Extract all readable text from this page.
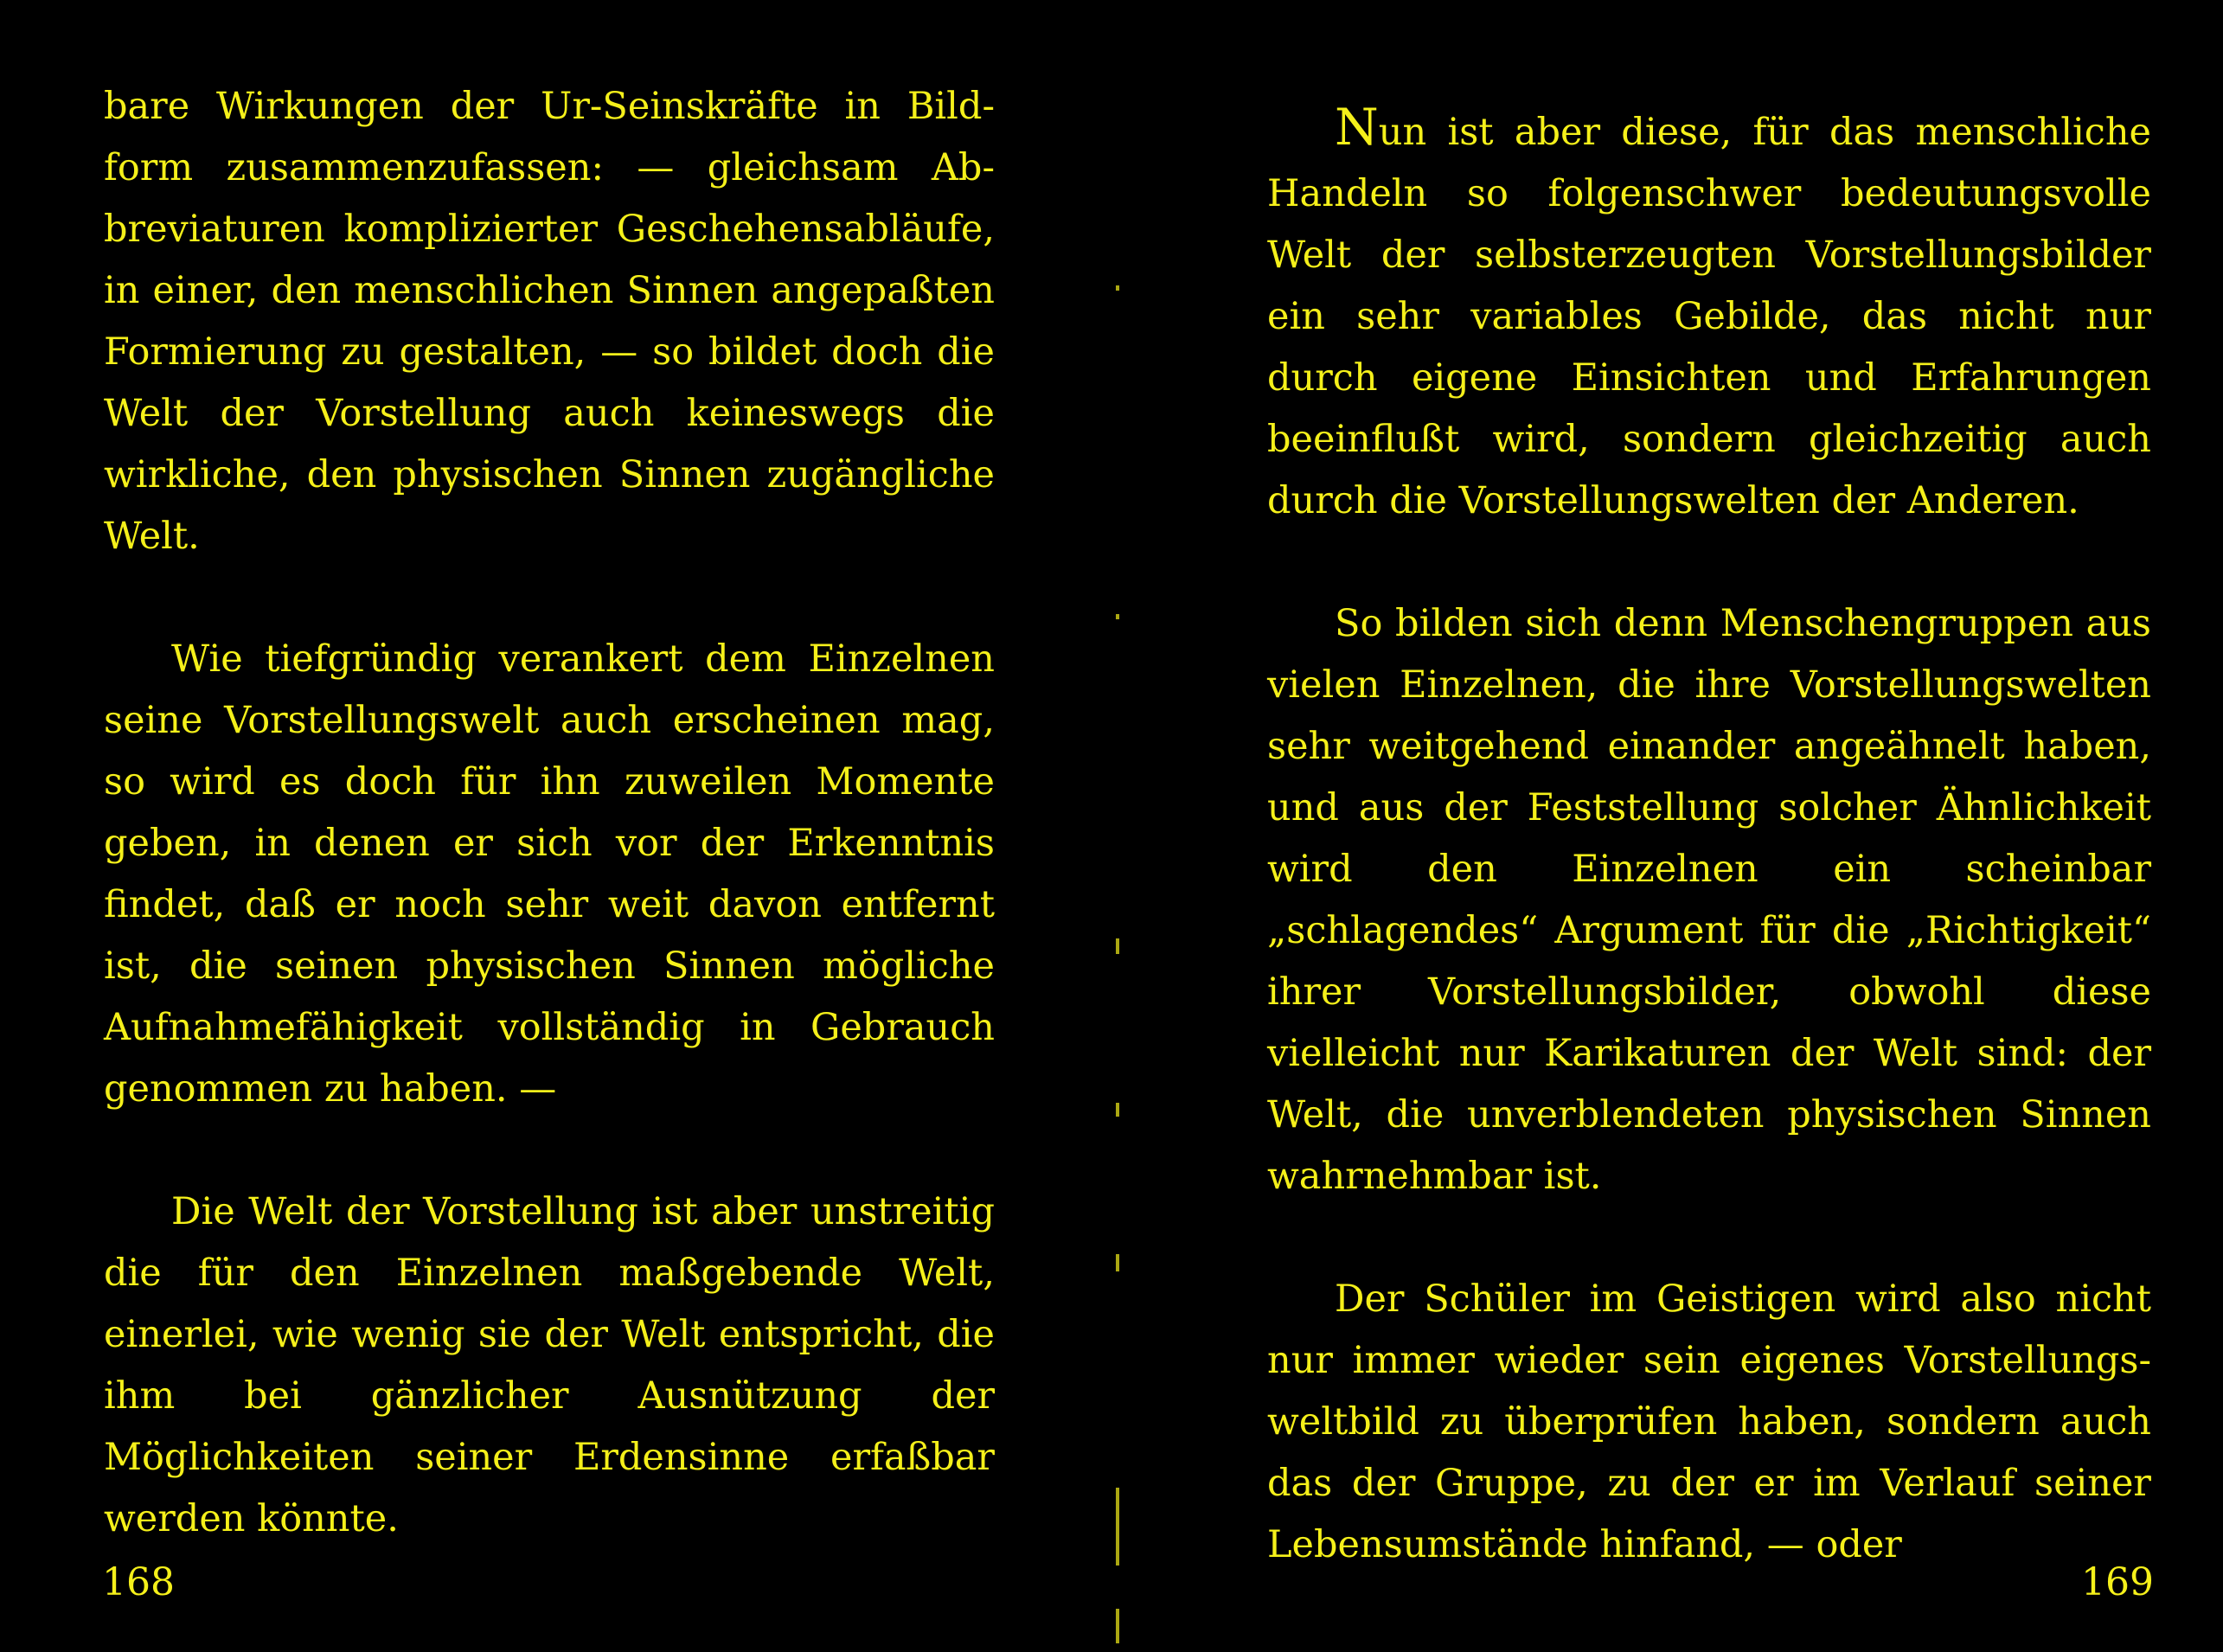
bare Wirkungen der Ur-Seinskräfte in Bildform zusammenzufassen: — gleichsam Abbreviaturen komplizierter Geschehensabläufe, in einer, den menschlichen Sinnen angepaßten Formierung zu gestalten, — so bildet doch die Welt der Vorstellung auch keineswegs die wirkliche, den physischen Sinnen zugängliche Welt.

Wie tiefgründig verankert dem Einzelnen seine Vorstellungswelt auch erscheinen mag, so wird es doch für ihn zuweilen Momente geben, in denen er sich vor der Erkenntnis findet, daß er noch sehr weit davon entfernt ist, die seinen physischen Sinnen mögliche Aufnahmefähigkeit vollständig in Gebrauch genommen zu haben. —

Die Welt der Vorstellung ist aber unstreitig die für den Einzelnen maßgebende Welt, einerlei, wie wenig sie der Welt entspricht, die ihm bei gänzlicher Ausnützung der Möglichkeiten seiner Erdensinne erfaßbar werden könnte.

168

Nun ist aber diese, für das menschliche Handeln so folgenschwer bedeutungsvolle Welt der selbsterzeugten Vorstellungsbilder ein sehr variables Gebilde, das nicht nur durch eigene Einsichten und Erfahrungen beeinflußt wird, sondern gleichzeitig auch durch die Vorstellungswelten der Anderen.

So bilden sich denn Menschengruppen aus vielen Einzelnen, die ihre Vorstellungswelten sehr weitgehend einander angeähnelt haben, und aus der Feststellung solcher Ähnlichkeit wird den Einzelnen ein scheinbar „schlagendes“ Argument für die „Richtigkeit“ ihrer Vorstellungsbilder, obwohl diese vielleicht nur Karikaturen der Welt sind: der Welt, die unverblendeten physischen Sinnen wahrnehmbar ist.

Der Schüler im Geistigen wird also nicht nur immer wieder sein eigenes Vorstellungsweltbild zu überprüfen haben, sondern auch das der Gruppe, zu der er im Verlauf seiner Lebensumstände hinfand, — oder

169
